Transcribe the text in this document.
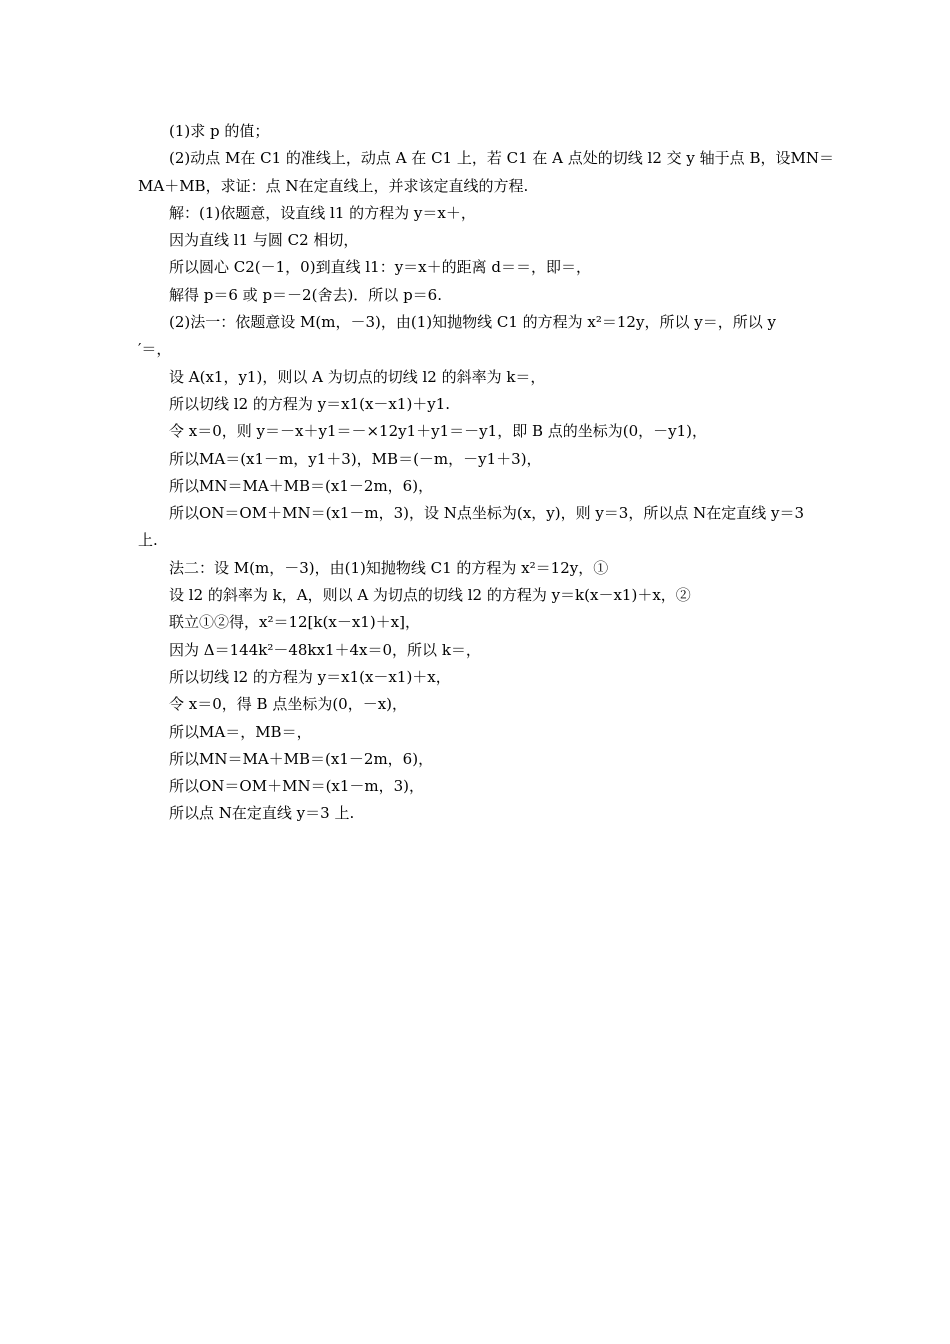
(1)求 p 的值；
(2)动点 M在 C1 的准线上，动点 A 在 C1 上，若 C1 在 A 点处的切线 l2 交 y 轴于点 B，设MN＝
MA＋MB，求证：点 N在定直线上，并求该定直线的方程.
解：(1)依题意，设直线 l1 的方程为 y＝x＋，
因为直线 l1 与圆 C2 相切，
所以圆心 C2(－1，0)到直线 l1：y＝x＋的距离 d＝＝，即＝，
解得 p＝6 或 p＝－2(舍去)．所以 p＝6.
(2)法一：依题意设 M(m，－3)，由(1)知抛物线 C1 的方程为 x²＝12y，所以 y＝，所以 y
′＝，
设 A(x1，y1)，则以 A 为切点的切线 l2 的斜率为 k＝，
所以切线 l2 的方程为 y＝x1(x－x1)＋y1.
令 x＝0，则 y＝－x＋y1＝－×12y1＋y1＝－y1，即 B 点的坐标为(0，－y1)，
所以MA＝(x1－m，y1＋3)，MB＝(－m，－y1＋3)，
所以MN＝MA＋MB＝(x1－2m，6)，
所以ON＝OM＋MN＝(x1－m，3)，设 N点坐标为(x，y)，则 y＝3，所以点 N在定直线 y＝3
上.
法二：设 M(m，－3)，由(1)知抛物线 C1 的方程为 x²＝12y，①
设 l2 的斜率为 k，A，则以 A 为切点的切线 l2 的方程为 y＝k(x－x1)＋x，②
联立①②得，x²＝12[k(x－x1)＋x]，
因为 Δ＝144k²－48kx1＋4x＝0，所以 k＝，
所以切线 l2 的方程为 y＝x1(x－x1)＋x，
令 x＝0，得 B 点坐标为(0，－x)，
所以MA＝，MB＝，
所以MN＝MA＋MB＝(x1－2m，6)，
所以ON＝OM＋MN＝(x1－m，3)，
所以点 N在定直线 y＝3 上.
